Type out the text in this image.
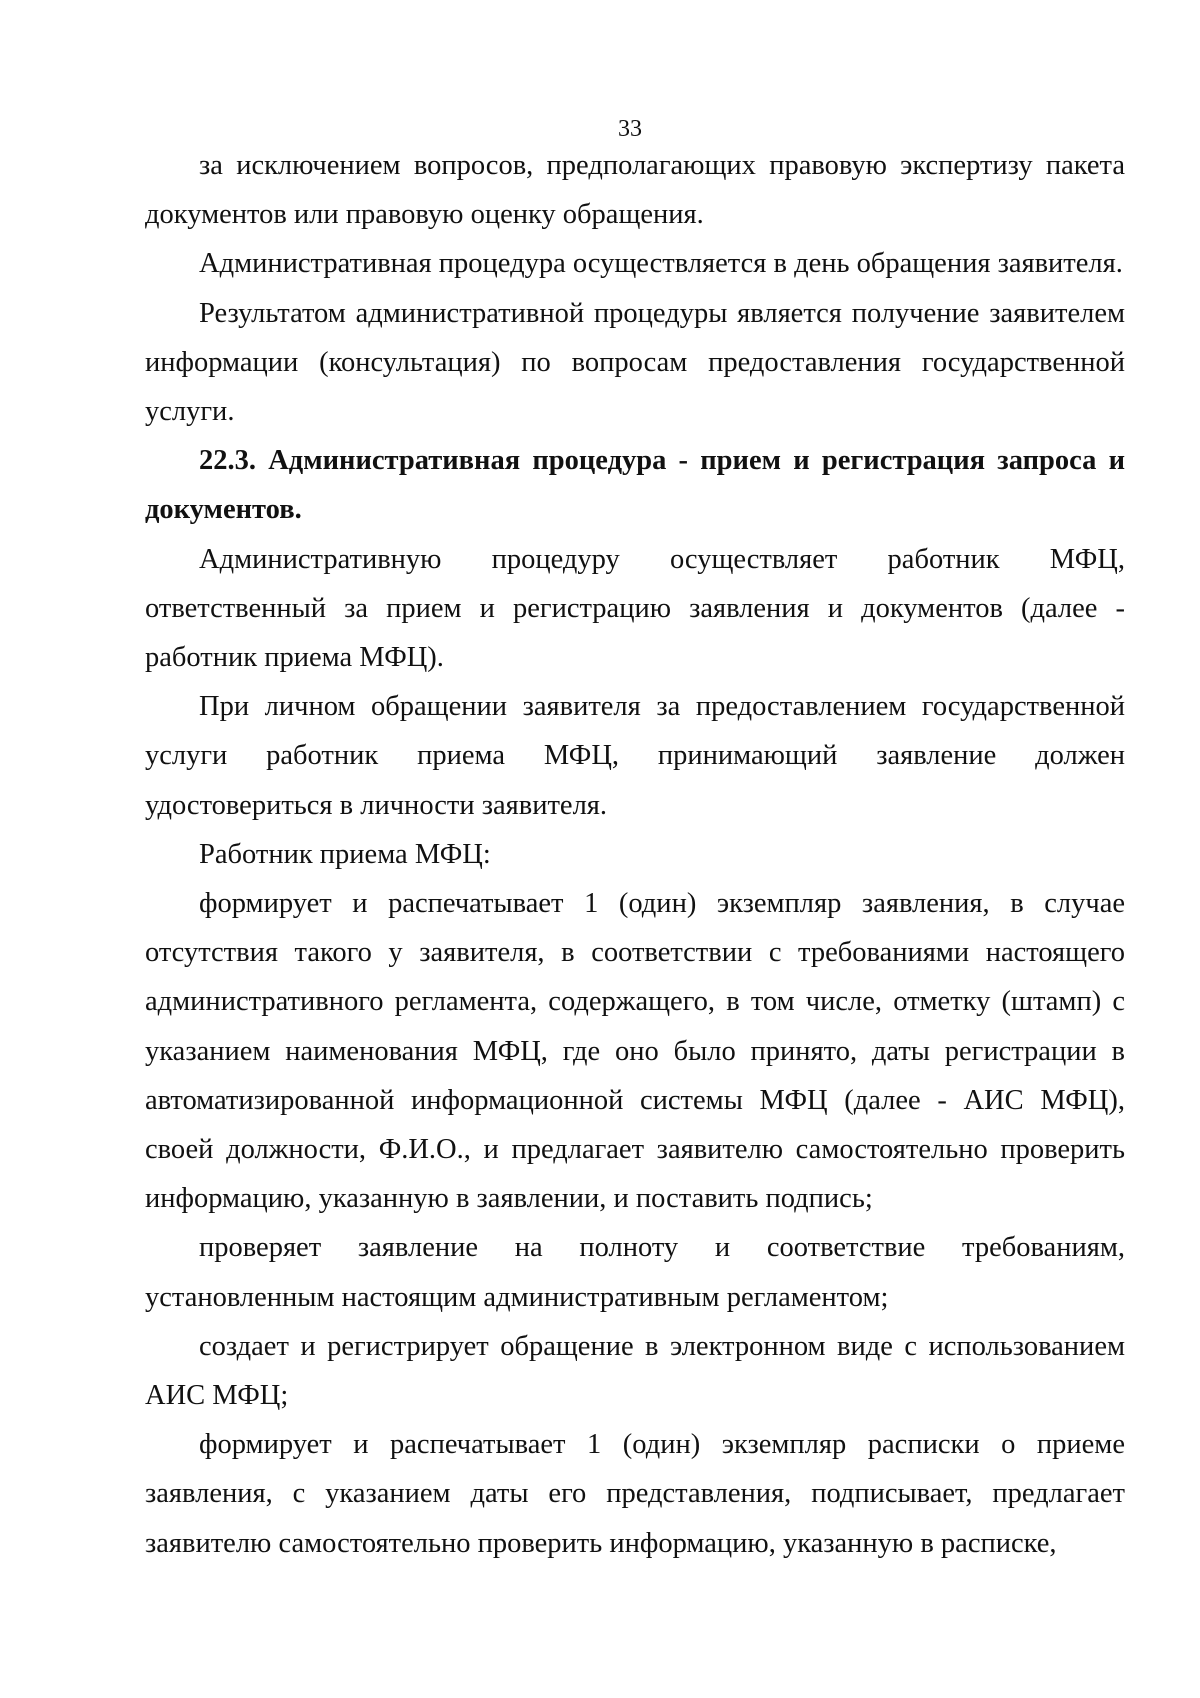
33

за исключением вопросов, предполагающих правовую экспертизу пакета документов или правовую оценку обращения.

Административная процедура осуществляется в день обращения заявителя.

Результатом административной процедуры является получение заявителем информации (консультация) по вопросам предоставления государственной услуги.

22.3. Административная процедура - прием и регистрация запроса и документов.

Административную процедуру осуществляет работник МФЦ, ответственный за прием и регистрацию заявления и документов (далее - работник приема МФЦ).

При личном обращении заявителя за предоставлением государственной услуги работник приема МФЦ, принимающий заявление должен удостовериться в личности заявителя.

Работник приема МФЦ:

формирует и распечатывает 1 (один) экземпляр заявления, в случае отсутствия такого у заявителя, в соответствии с требованиями настоящего административного регламента, содержащего, в том числе, отметку (штамп) с указанием наименования МФЦ, где оно было принято, даты регистрации в автоматизированной информационной системы МФЦ (далее - АИС МФЦ), своей должности, Ф.И.О., и предлагает заявителю самостоятельно проверить информацию, указанную в заявлении, и поставить подпись;

проверяет заявление на полноту и соответствие требованиям, установленным настоящим административным регламентом;

создает и регистрирует обращение в электронном виде с использованием АИС МФЦ;

формирует и распечатывает 1 (один) экземпляр расписки о приеме заявления, с указанием даты его представления, подписывает, предлагает заявителю самостоятельно проверить информацию, указанную в расписке,
